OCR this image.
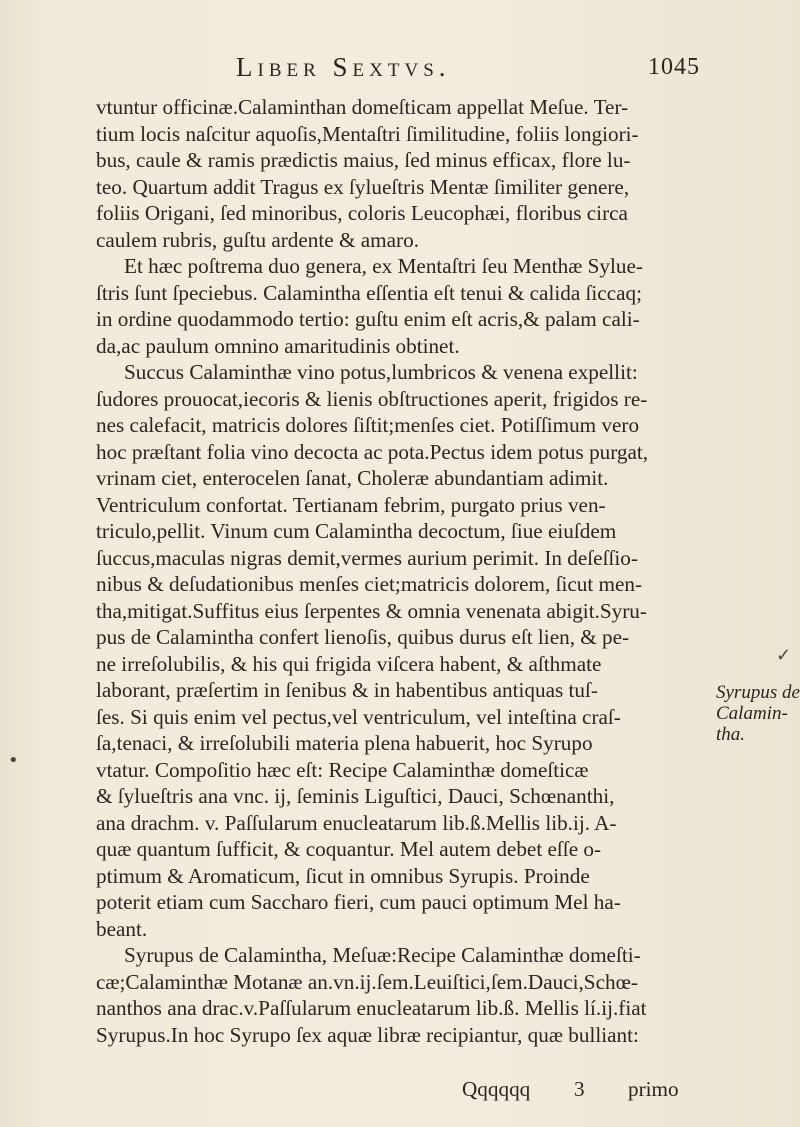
Liber Sextvs.	1045
vtuntur officinæ.Calaminthan domeſticam appellat Meſue. Ter-
tium locis naſcitur aquoſis,Mentaſtri ſimilitudine, foliis longiori-
bus, caule & ramis prædictis maius, ſed minus efficax, flore lu-
teo. Quartum addit Tragus ex ſylueſtris Mentæ ſimiliter genere,
foliis Origani, ſed minoribus, coloris Leucophæi, floribus circa
caulem rubris, guſtu ardente & amaro.
Et hæc poſtrema duo genera, ex Mentaſtri ſeu Menthæ Sylue-
ſtris ſunt ſpeciebus. Calamintha eſſentia eſt tenui & calida ſiccaq;
in ordine quodammodo tertio: guſtu enim eſt acris,& palam cali-
da,ac paulum omnino amaritudinis obtinet.
Succus Calaminthæ vino potus,lumbricos & venena expellit:
ſudores prouocat,iecoris & lienis obſtructiones aperit, frigidos re-
nes calefacit, matricis dolores ſiſtit;menſes ciet. Potiſſimum vero
hoc præſtant folia vino decocta ac pota.Pectus idem potus purgat,
vrinam ciet, enterocelen ſanat, Choleræ abundantiam adimit.
Ventriculum confortat. Tertianam febrim, purgato prius ven-
triculo,pellit. Vinum cum Calamintha decoctum, ſiue eiuſdem
ſuccus,maculas nigras demit,vermes aurium perimit. In deſeſſio-
nibus & deſudationibus menſes ciet;matricis dolorem, ſicut men-
tha,mitigat.Suffitus eius ſerpentes & omnia venenata abigit.Syru-
pus de Calamintha confert lienoſis, quibus durus eſt lien, & pe-
ne irreſolubilis, & his qui frigida viſcera habent, & aſthmate
laborant, præſertim in ſenibus & in habentibus antiquas tuſ-
ſes. Si quis enim vel pectus,vel ventriculum, vel inteſtina craſ-
ſa,tenaci, & irreſolubili materia plena habuerit, hoc Syrupo
vtatur. Compoſitio hæc eſt: Recipe Calaminthæ domeſticæ
& ſylueſtris ana vnc. ij, ſeminis Liguſtici, Dauci, Schœnanthi,
ana drachm. v. Paſſularum enucleatarum lib.ß.Mellis lib.ij. A-
quæ quantum ſufficit, & coquantur. Mel autem debet eſſe o-
ptimum & Aromaticum, ſicut in omnibus Syrupis. Proinde
poterit etiam cum Saccharo fieri, cum pauci optimum Mel ha-
beant.
Syrupus de Calamintha, Meſuæ:Recipe Calaminthæ domeſti-
cæ;Calaminthæ Motanæ an.vn.ij.ſem.Leuiſtici,ſem.Dauci,Schœ-
nanthos ana drac.v.Paſſularum enucleatarum lib.ß. Mellis lí.ij.fiat
Syrupus.In hoc Syrupo ſex aquæ libræ recipiantur, quæ bulliant:
Syrupus de
Calamin-
tha.
•
✓
Qqqqqq 3 primo
